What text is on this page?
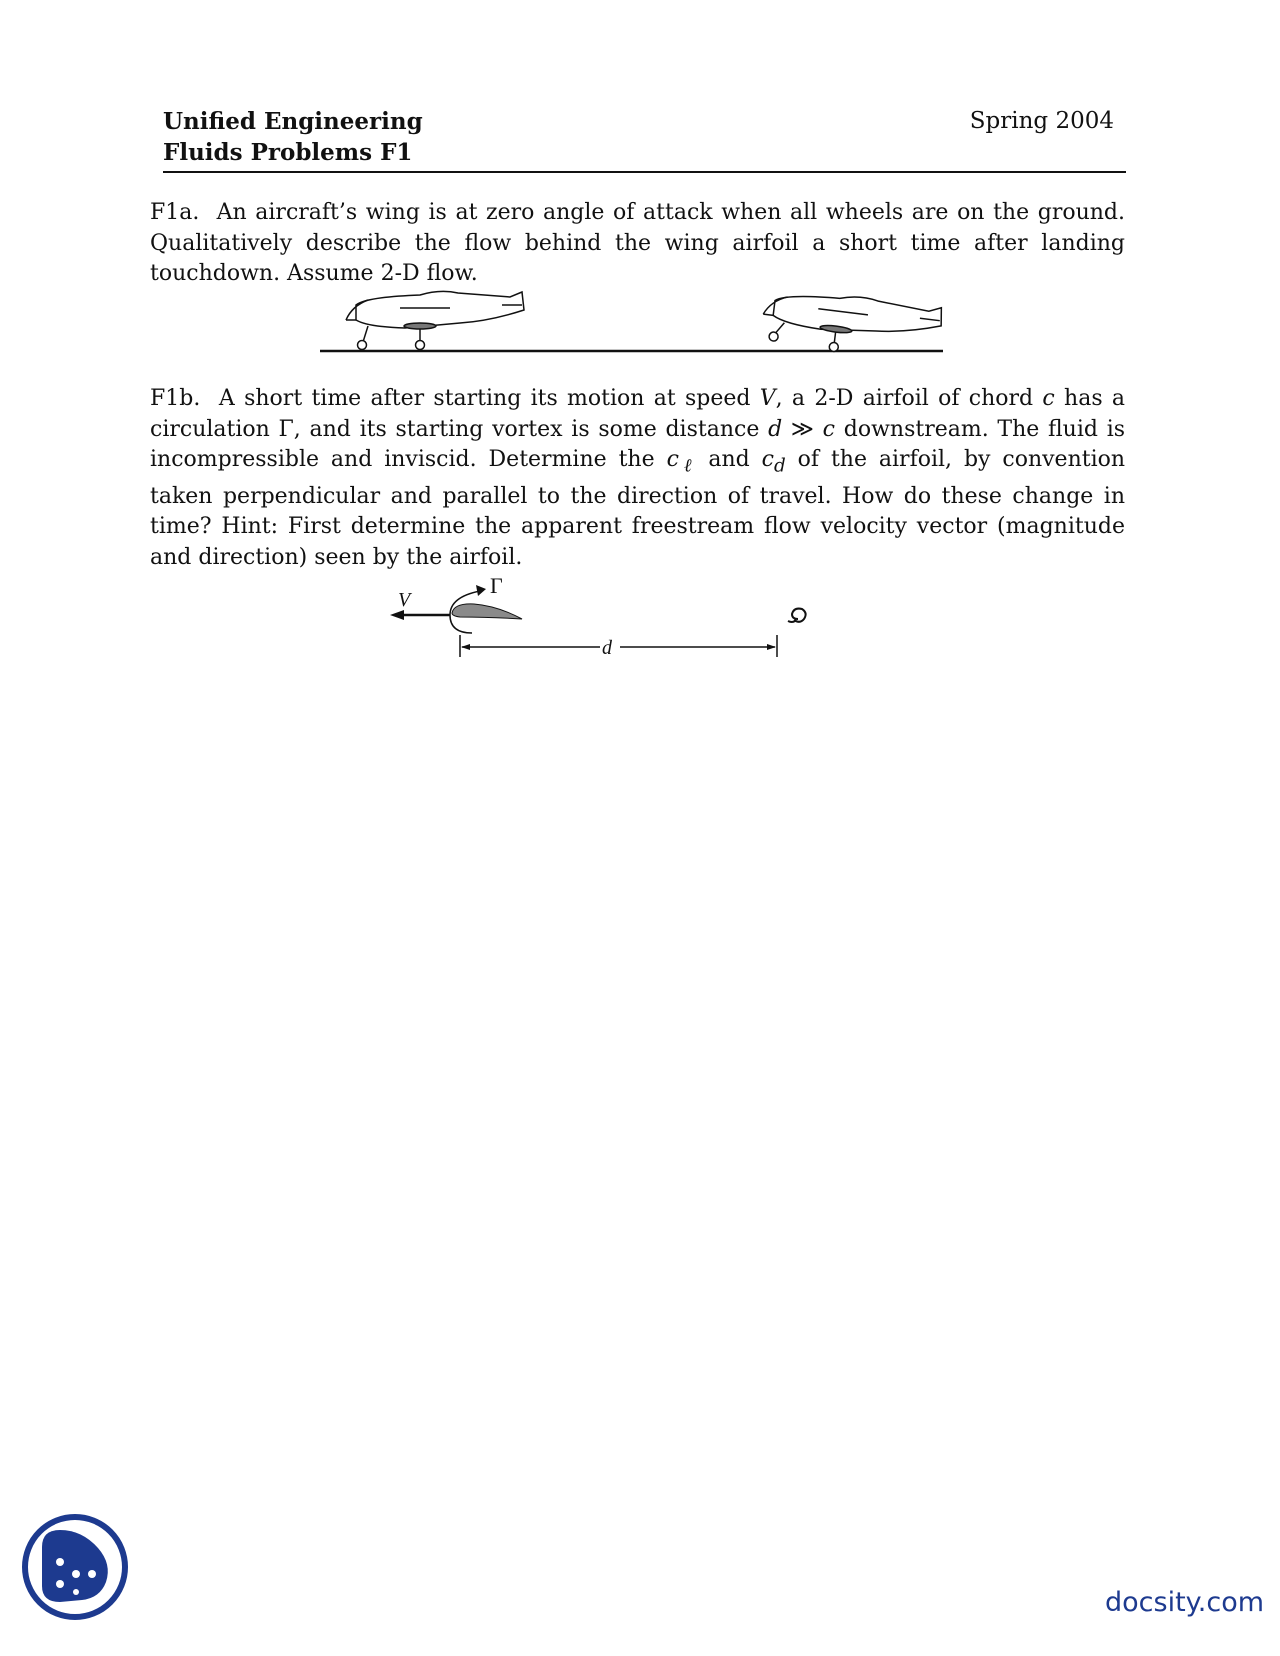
Unified Engineering
Fluids Problems F1
Spring 2004

F1a. An aircraft’s wing is at zero angle of attack when all wheels are on the ground. Qualitatively describe the flow behind the wing airfoil a short time after landing touchdown. Assume 2-D flow.

F1b. A short time after starting its motion at speed V, a 2-D airfoil of chord c has a circulation Γ, and its starting vortex is some distance d ≫ c downstream. The fluid is incompressible and inviscid. Determine the $c_\ell$ and $c_d$ of the airfoil, by convention taken perpendicular and parallel to the direction of travel. How do these change in time? Hint: First determine the apparent freestream flow velocity vector (magnitude and direction) seen by the airfoil.

V
Γ
d
docsity.com
